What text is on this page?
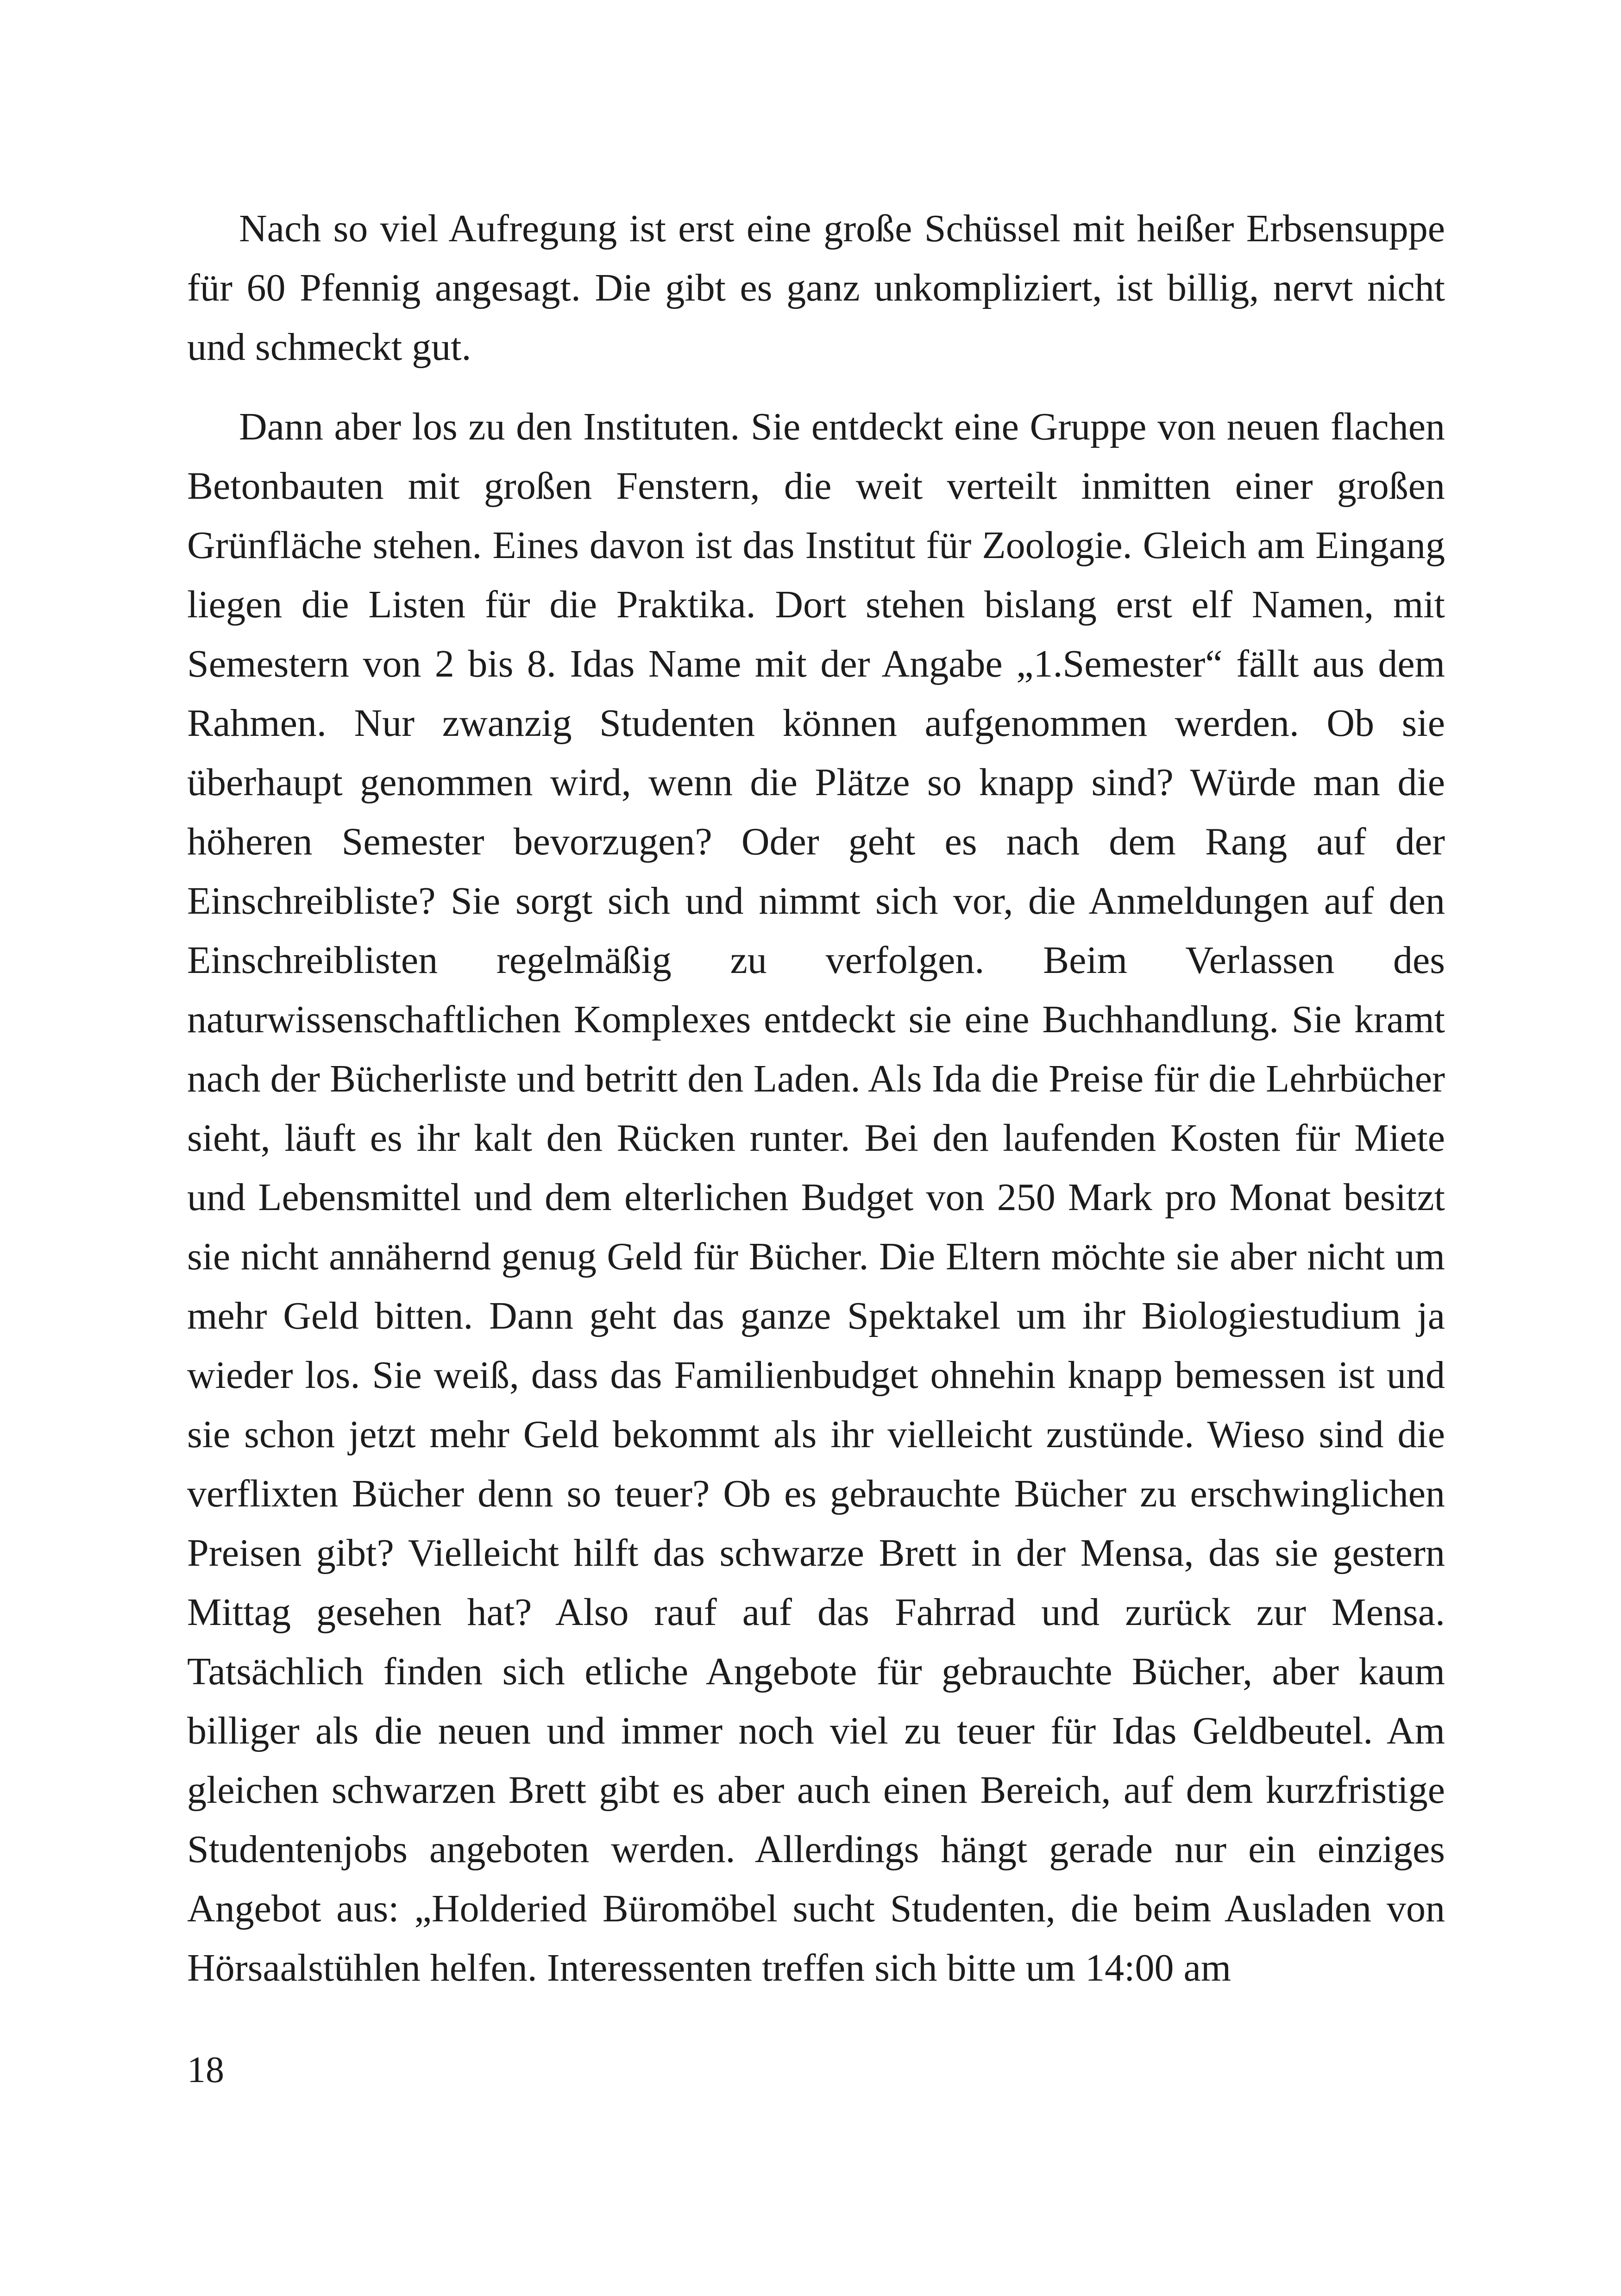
Nach so viel Aufregung ist erst eine große Schüssel mit heißer Erbsensuppe für 60 Pfennig angesagt. Die gibt es ganz unkompliziert, ist billig, nervt nicht und schmeckt gut.

Dann aber los zu den Instituten. Sie entdeckt eine Gruppe von neuen flachen Betonbauten mit großen Fenstern, die weit verteilt inmitten einer großen Grünfläche stehen. Eines davon ist das Institut für Zoologie. Gleich am Eingang liegen die Listen für die Praktika. Dort stehen bislang erst elf Namen, mit Semestern von 2 bis 8. Idas Name mit der Angabe „1.Semester“ fällt aus dem Rahmen. Nur zwanzig Studenten können aufgenommen werden. Ob sie überhaupt genommen wird, wenn die Plätze so knapp sind? Würde man die höheren Semester bevorzugen? Oder geht es nach dem Rang auf der Einschreibliste? Sie sorgt sich und nimmt sich vor, die Anmeldungen auf den Einschreiblisten regelmäßig zu verfolgen. Beim Verlassen des naturwissenschaftlichen Komplexes entdeckt sie eine Buchhandlung. Sie kramt nach der Bücherliste und betritt den Laden. Als Ida die Preise für die Lehrbücher sieht, läuft es ihr kalt den Rücken runter. Bei den laufenden Kosten für Miete und Lebensmittel und dem elterlichen Budget von 250 Mark pro Monat besitzt sie nicht annähernd genug Geld für Bücher. Die Eltern möchte sie aber nicht um mehr Geld bitten. Dann geht das ganze Spektakel um ihr Biologiestudium ja wieder los. Sie weiß, dass das Familienbudget ohnehin knapp bemessen ist und sie schon jetzt mehr Geld bekommt als ihr vielleicht zustünde. Wieso sind die verflixten Bücher denn so teuer? Ob es gebrauchte Bücher zu erschwinglichen Preisen gibt? Vielleicht hilft das schwarze Brett in der Mensa, das sie gestern Mittag gesehen hat? Also rauf auf das Fahrrad und zurück zur Mensa. Tatsächlich finden sich etliche Angebote für gebrauchte Bücher, aber kaum billiger als die neuen und immer noch viel zu teuer für Idas Geldbeutel. Am gleichen schwarzen Brett gibt es aber auch einen Bereich, auf dem kurzfristige Studentenjobs angeboten werden. Allerdings hängt gerade nur ein einziges Angebot aus: „Holderied Büromöbel sucht Studenten, die beim Ausladen von Hörsaalstühlen helfen. Interessenten treffen sich bitte um 14:00 am

18
